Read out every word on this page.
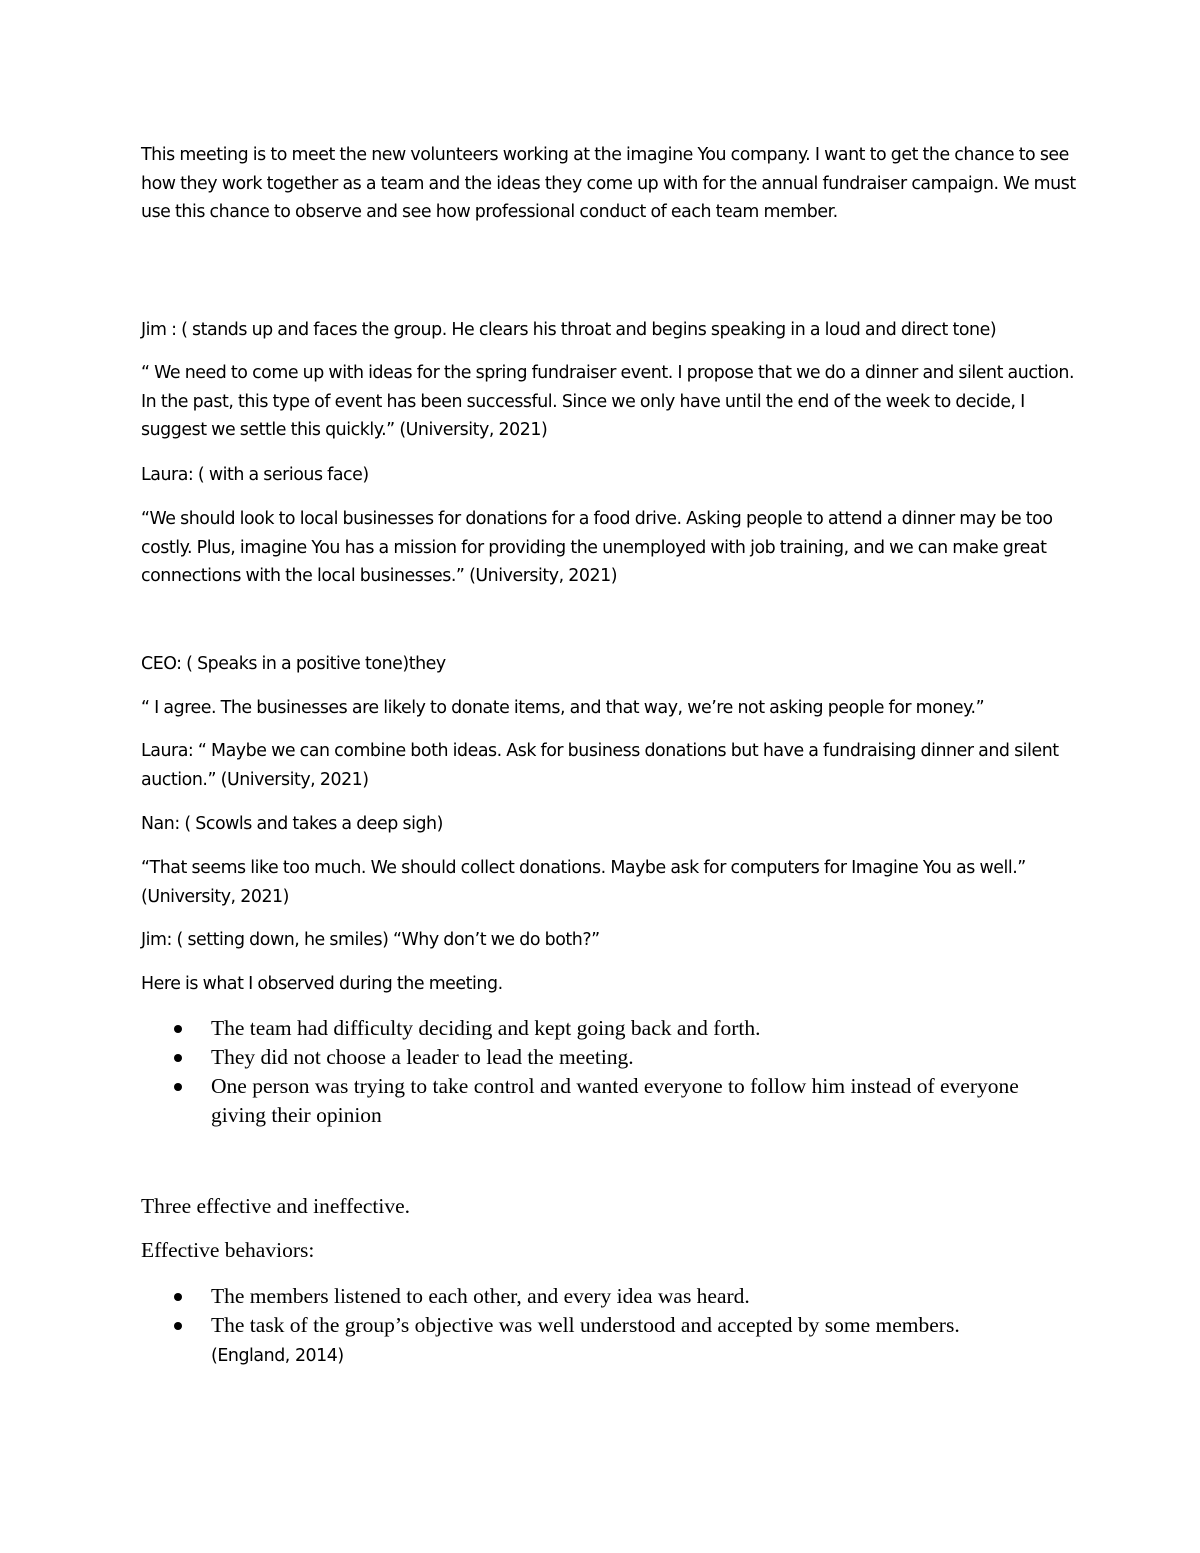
This meeting is to meet the new volunteers working at the imagine You company. I want to get the chance to see how they work together as a team and the ideas they come up with for the annual fundraiser campaign. We must use this chance to observe and see how professional conduct of each team member.

Jim : ( stands up and faces the group. He clears his throat and begins speaking in a loud and direct tone)

“ We need to come up with ideas for the spring fundraiser event. I propose that we do a dinner and silent auction. In the past, this type of event has been successful. Since we only have until the end of the week to decide, I suggest we settle this quickly.” (University, 2021)

Laura: ( with a serious face)

“We should look to local businesses for donations for a food drive. Asking people to attend a dinner may be too costly. Plus, imagine You has a mission for providing the unemployed with job training, and we can make great connections with the local businesses.” (University, 2021)

CEO: ( Speaks in a positive tone)they

“ I agree. The businesses are likely to donate items, and that way, we’re not asking people for money.”

Laura: “ Maybe we can combine both ideas. Ask for business donations but have a fundraising dinner and silent auction.” (University, 2021)

Nan: ( Scowls and takes a deep sigh)

“That seems like too much. We should collect donations. Maybe ask for computers for Imagine You as well.” (University, 2021)

Jim: ( setting down, he smiles) “Why don’t we do both?”

Here is what I observed during the meeting.

The team had difficulty deciding and kept going back and forth.
They did not choose a leader to lead the meeting.
One person was trying to take control and wanted everyone to follow him instead of everyone giving their opinion

Three effective and ineffective.

Effective behaviors:

The members listened to each other, and every idea was heard.
The task of the group’s objective was well understood and accepted by some members.
(England, 2014)
